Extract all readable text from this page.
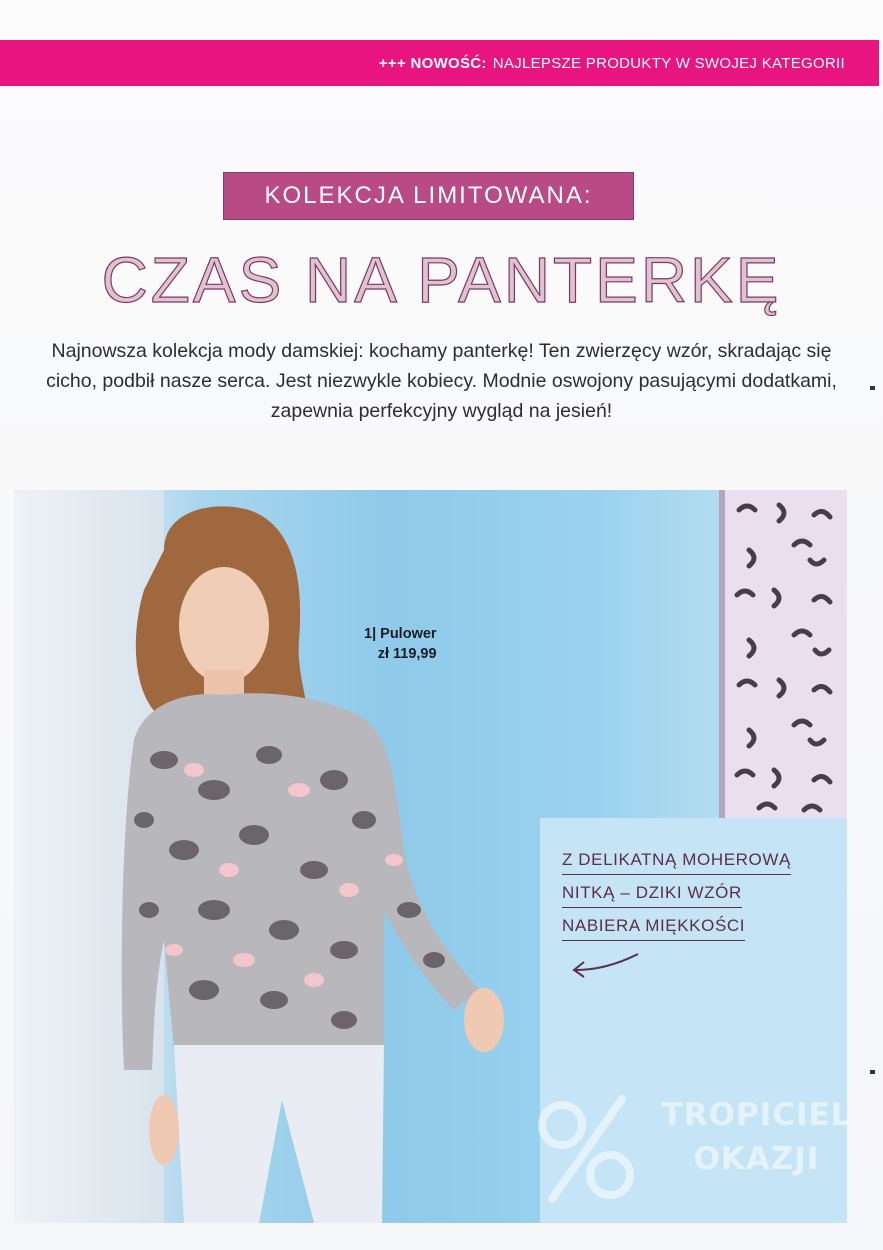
+++ NOWOŚĆ: NAJLEPSZE PRODUKTY W SWOJEJ KATEGORII
KOLEKCJA LIMITOWANA:
CZAS NA PANTERKĘ
Najnowsza kolekcja mody damskiej: kochamy panterkę! Ten zwierzęcy wzór, skradając się cicho, podbił nasze serca. Jest niezwykle kobiecy. Modnie oswojony pasującymi dodatkami, zapewnia perfekcyjny wygląd na jesień!
Z DELIKATNĄ MOHEROWĄ
NITKĄ – DZIKI WZÓR
NABIERA MIĘKKOŚCI
1| Pulower
zł 119,99
TROPICIEL
OKAZJI
